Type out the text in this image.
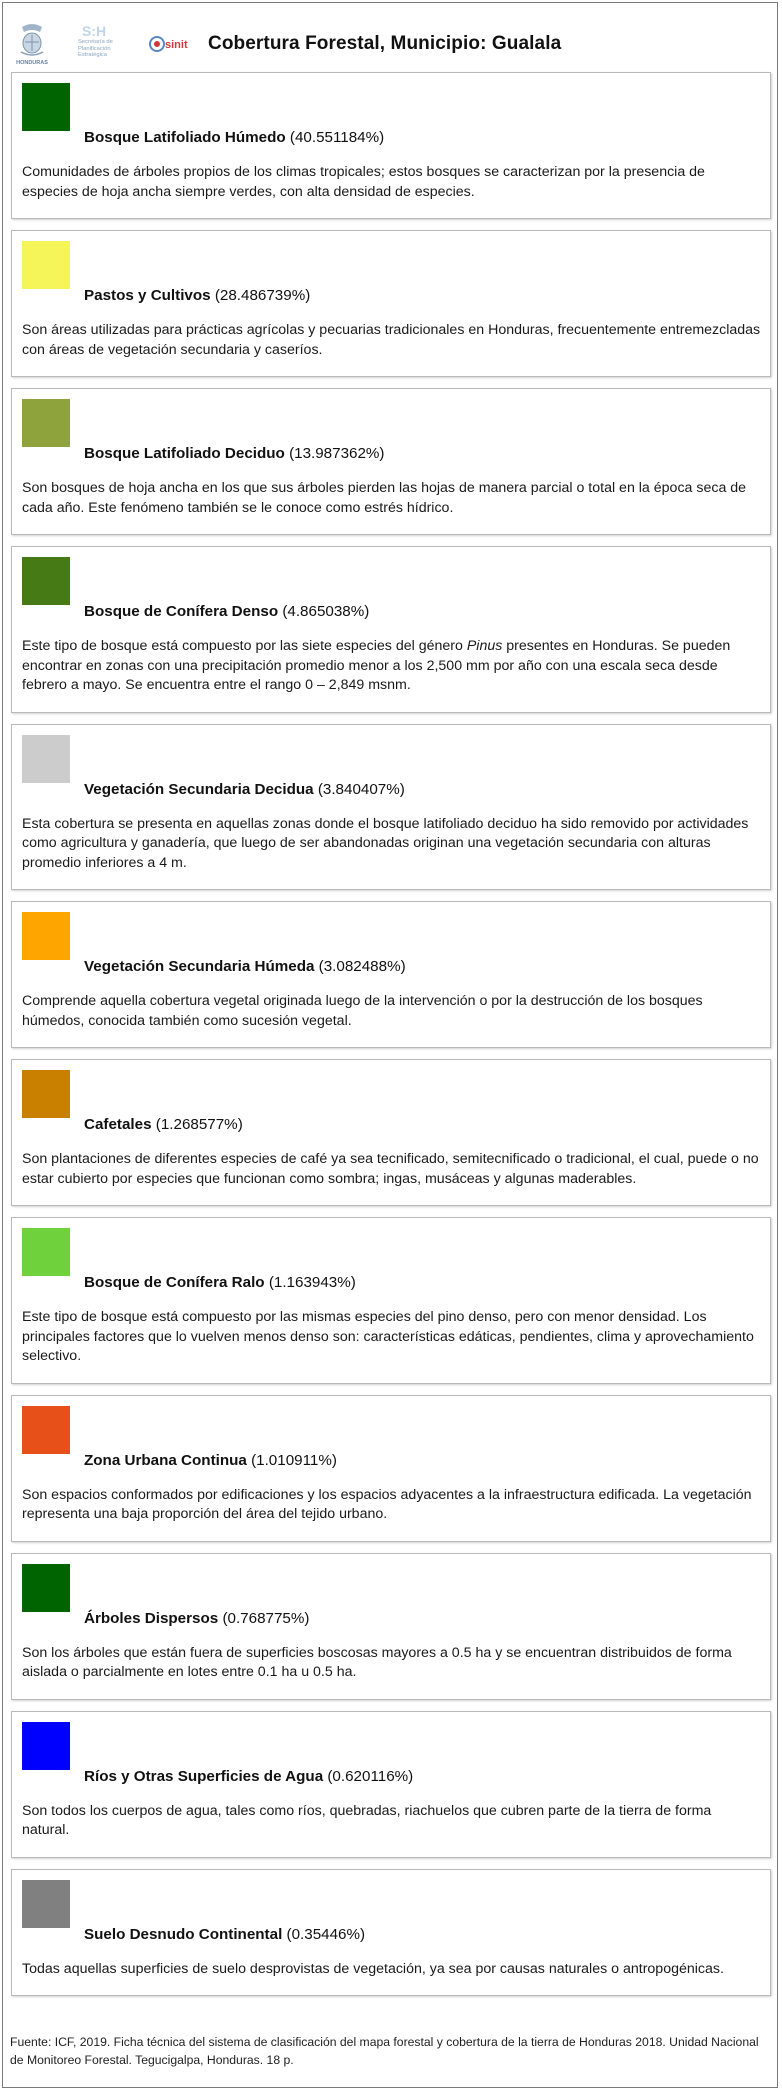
HONDURAS
S:H
Secretaría de Planificación Estratégica
sinit Cobertura Forestal, Municipio: Gualala
Bosque Latifoliado Húmedo (40.551184%)
Comunidades de árboles propios de los climas tropicales; estos bosques se caracterizan por la presencia de especies de hoja ancha siempre verdes, con alta densidad de especies.
Pastos y Cultivos (28.486739%)
Son áreas utilizadas para prácticas agrícolas y pecuarias tradicionales en Honduras, frecuentemente entremezcladas con áreas de vegetación secundaria y caseríos.
Bosque Latifoliado Deciduo (13.987362%)
Son bosques de hoja ancha en los que sus árboles pierden las hojas de manera parcial o total en la época seca de cada año. Este fenómeno también se le conoce como estrés hídrico.
Bosque de Conífera Denso (4.865038%)
Este tipo de bosque está compuesto por las siete especies del género Pinus presentes en Honduras. Se pueden encontrar en zonas con una precipitación promedio menor a los 2,500 mm por año con una escala seca desde febrero a mayo. Se encuentra entre el rango 0 – 2,849 msnm.
Vegetación Secundaria Decidua (3.840407%)
Esta cobertura se presenta en aquellas zonas donde el bosque latifoliado deciduo ha sido removido por actividades como agricultura y ganadería, que luego de ser abandonadas originan una vegetación secundaria con alturas promedio inferiores a 4 m.
Vegetación Secundaria Húmeda (3.082488%)
Comprende aquella cobertura vegetal originada luego de la intervención o por la destrucción de los bosques húmedos, conocida también como sucesión vegetal.
Cafetales (1.268577%)
Son plantaciones de diferentes especies de café ya sea tecnificado, semitecnificado o tradicional, el cual, puede o no estar cubierto por especies que funcionan como sombra; ingas, musáceas y algunas maderables.
Bosque de Conífera Ralo (1.163943%)
Este tipo de bosque está compuesto por las mismas especies del pino denso, pero con menor densidad. Los principales factores que lo vuelven menos denso son: características edáticas, pendientes, clima y aprovechamiento selectivo.
Zona Urbana Continua (1.010911%)
Son espacios conformados por edificaciones y los espacios adyacentes a la infraestructura edificada. La vegetación representa una baja proporción del área del tejido urbano.
Árboles Dispersos (0.768775%)
Son los árboles que están fuera de superficies boscosas mayores a 0.5 ha y se encuentran distribuidos de forma aislada o parcialmente en lotes entre 0.1 ha u 0.5 ha.
Ríos y Otras Superficies de Agua (0.620116%)
Son todos los cuerpos de agua, tales como ríos, quebradas, riachuelos que cubren parte de la tierra de forma natural.
Suelo Desnudo Continental (0.35446%)
Todas aquellas superficies de suelo desprovistas de vegetación, ya sea por causas naturales o antropogénicas.
Fuente: ICF, 2019. Ficha técnica del sistema de clasificación del mapa forestal y cobertura de la tierra de Honduras 2018. Unidad Nacional de Monitoreo Forestal. Tegucigalpa, Honduras. 18 p.
